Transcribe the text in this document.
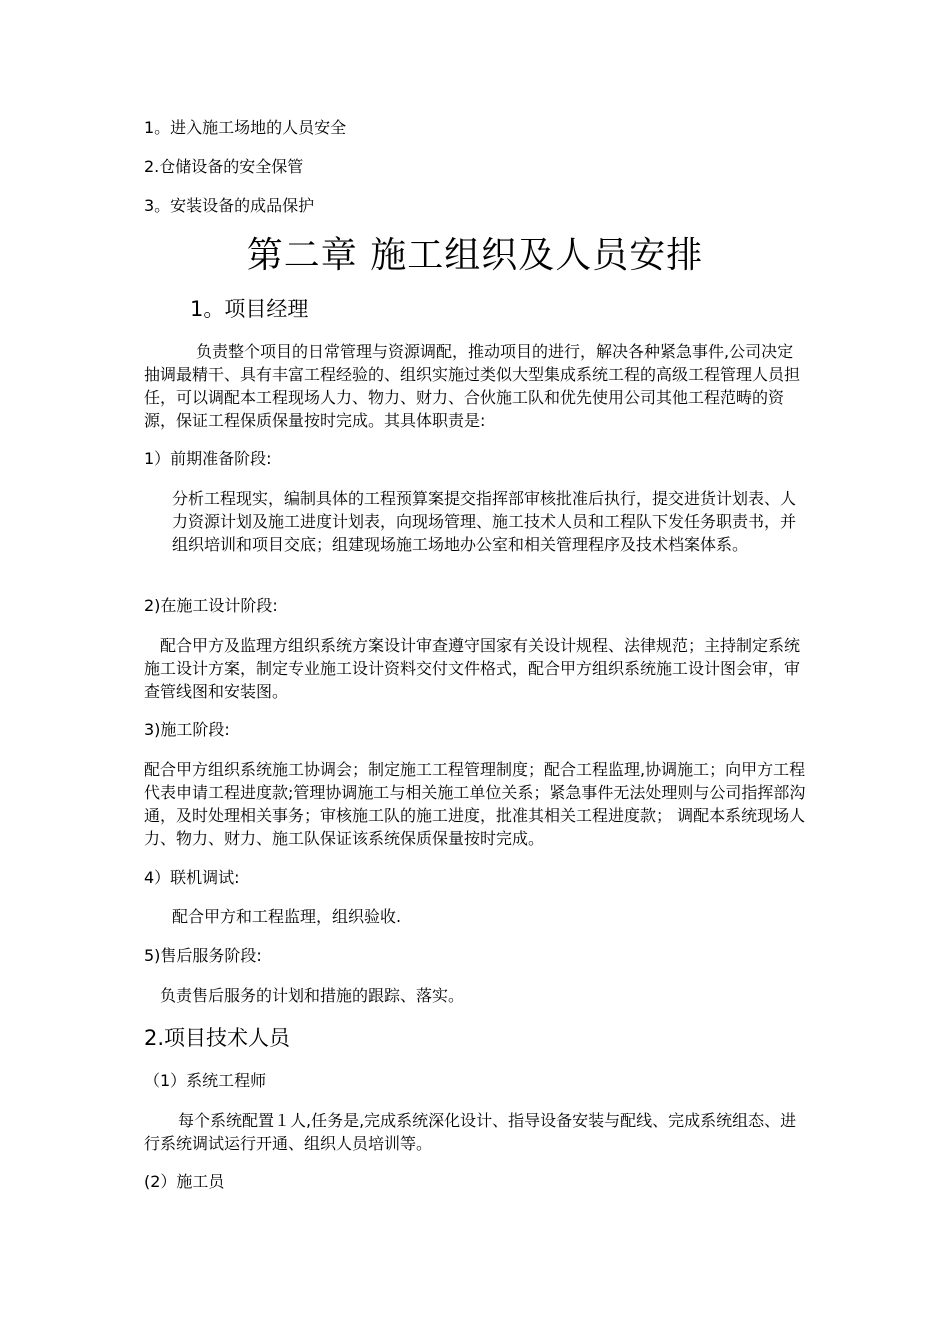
1。进入施工场地的人员安全
2.仓储设备的安全保管
3。安装设备的成品保护
第二章 施工组织及人员安排
1。项目经理
负责整个项目的日常管理与资源调配，推动项目的进行，解决各种紧急事件,公司决定抽调最精干、具有丰富工程经验的、组织实施过类似大型集成系统工程的高级工程管理人员担任，可以调配本工程现场人力、物力、财力、合伙施工队和优先使用公司其他工程范畴的资源，保证工程保质保量按时完成。其具体职责是:
1）前期准备阶段:
分析工程现实，编制具体的工程预算案提交指挥部审核批准后执行，提交进货计划表、人力资源计划及施工进度计划表，向现场管理、施工技术人员和工程队下发任务职责书，并组织培训和项目交底；组建现场施工场地办公室和相关管理程序及技术档案体系。
2)在施工设计阶段:
配合甲方及监理方组织系统方案设计审查遵守国家有关设计规程、法律规范；主持制定系统施工设计方案，制定专业施工设计资料交付文件格式，配合甲方组织系统施工设计图会审，审查管线图和安装图。
3)施工阶段:
配合甲方组织系统施工协调会；制定施工工程管理制度；配合工程监理,协调施工；向甲方工程代表申请工程进度款;管理协调施工与相关施工单位关系；紧急事件无法处理则与公司指挥部沟通，及时处理相关事务；审核施工队的施工进度，批准其相关工程进度款； 调配本系统现场人力、物力、财力、施工队保证该系统保质保量按时完成。
4）联机调试:
配合甲方和工程监理，组织验收.
5)售后服务阶段:
负责售后服务的计划和措施的跟踪、落实。
2.项目技术人员
（1）系统工程师
每个系统配置１人,任务是,完成系统深化设计、指导设备安装与配线、完成系统组态、进行系统调试运行开通、组织人员培训等。
(2）施工员
